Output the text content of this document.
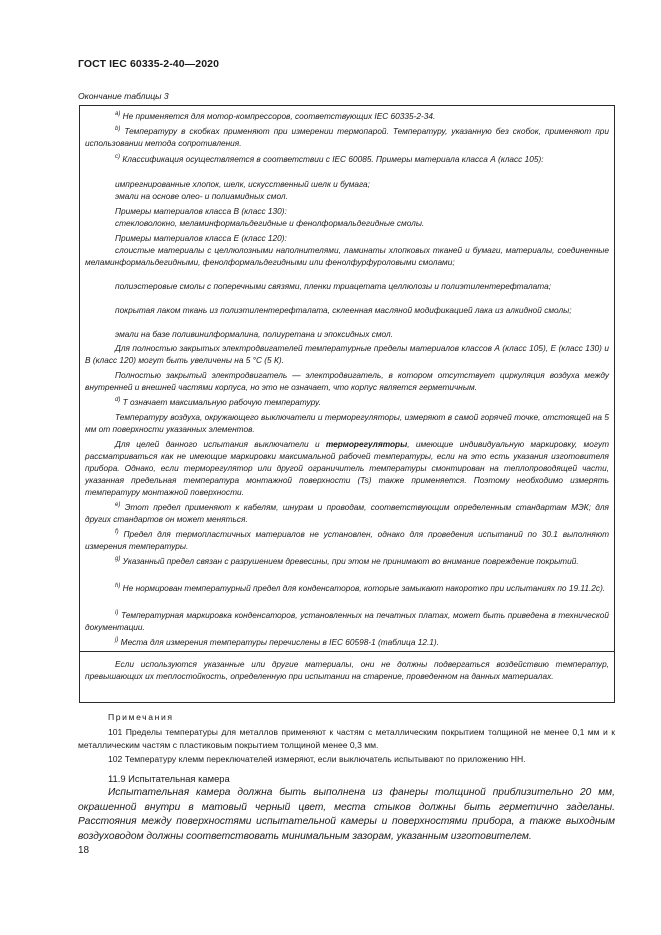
ГОСТ IEC 60335-2-40—2020
Окончание таблицы 3
$^{а)}$ Не применяется для мотор-компрессоров, соответствующих IEC 60335-2-34.
$^{b)}$ Температуру в скобках применяют при измерении термопарой. Температуру, указанную без скобок, применяют при использовании метода сопротивления.
$^{c)}$ Классификация осуществляется в соответствии с IEC 60085. Примеры материала класса А (класс 105):
импрегнированные хлопок, шелк, искусственный шелк и бумага;
эмали на основе олео- и полиамидных смол.
Примеры материалов класса В (класс 130):
стекловолокно, меламинформальдегидные и фенолформальдегидные смолы.
Примеры материалов класса Е (класс 120):
слоистые материалы с целлюлозными наполнителями, ламинаты хлопковых тканей и бумаги, материалы, соединенные меламинформальдегидными, фенолформальдегидными или фенолфурфуроловыми смолами;
полиэстеровые смолы с поперечными связями, пленки триацетата целлюлозы и полиэтилентерефталата;
покрытая лаком ткань из полиэтилентерефталата, склеенная масляной модификацией лака из алкидной смолы;
эмали на базе поливинилформалина, полиуретана и эпоксидных смол.
Для полностью закрытых электродвигателей температурные пределы материалов классов А (класс 105), Е (класс 130) и В (класс 120) могут быть увеличены на 5 °С (5 К).
Полностью закрытый электродвигатель — электродвигатель, в котором отсутствует циркуляция воздуха между внутренней и внешней частями корпуса, но это не означает, что корпус является герметичным.
$^{d)}$ Т означает максимальную рабочую температуру.
Температуру воздуха, окружающего выключатели и терморегуляторы, измеряют в самой горячей точке, отстоящей на 5 мм от поверхности указанных элементов.
Для целей данного испытания выключатели и терморегуляторы, имеющие индивидуальную маркировку, могут рассматриваться как не имеющие маркировки максимальной рабочей температуры, если на это есть указания изготовителя прибора. Однако, если терморегулятор или другой ограничитель температуры смонтирован на теплопроводящей части, указанная предельная температура монтажной поверхности (Ts) также применяется. Поэтому необходимо измерять температуру монтажной поверхности.
$^{e)}$ Этот предел применяют к кабелям, шнурам и проводам, соответствующим определенным стандартам МЭК; для других стандартов он может меняться.
$^{f)}$ Предел для термопластичных материалов не установлен, однако для проведения испытаний по 30.1 выполняют измерения температуры.
$^{g)}$ Указанный предел связан с разрушением древесины, при этом не принимают во внимание повреждение покрытий.
$^{h)}$ Не нормирован температурный предел для конденсаторов, которые замыкают накоротко при испытаниях по 19.11.2c).
$^{i)}$ Температурная маркировка конденсаторов, установленных на печатных платах, может быть приведена в технической документации.
$^{j)}$ Места для измерения температуры перечислены в IEC 60598-1 (таблица 12.1).
Если используются указанные или другие материалы, они не должны подвергаться воздействию температур, превышающих их теплостойкость, определенную при испытании на старение, проведенном на данных материалах.
Примечания
101 Пределы температуры для металлов применяют к частям с металлическим покрытием толщиной не менее 0,1 мм и к металлическим частям с пластиковым покрытием толщиной менее 0,3 мм.
102 Температуру клемм переключателей измеряют, если выключатель испытывают по приложению НН.
11.9 Испытательная камера
Испытательная камера должна быть выполнена из фанеры толщиной приблизительно 20 мм, окрашенной внутри в матовый черный цвет, места стыков должны быть герметично заделаны. Расстояния между поверхностями испытательной камеры и поверхностями прибора, а также выходным воздуховодом должны соответствовать минимальным зазорам, указанным изготовителем.
18
